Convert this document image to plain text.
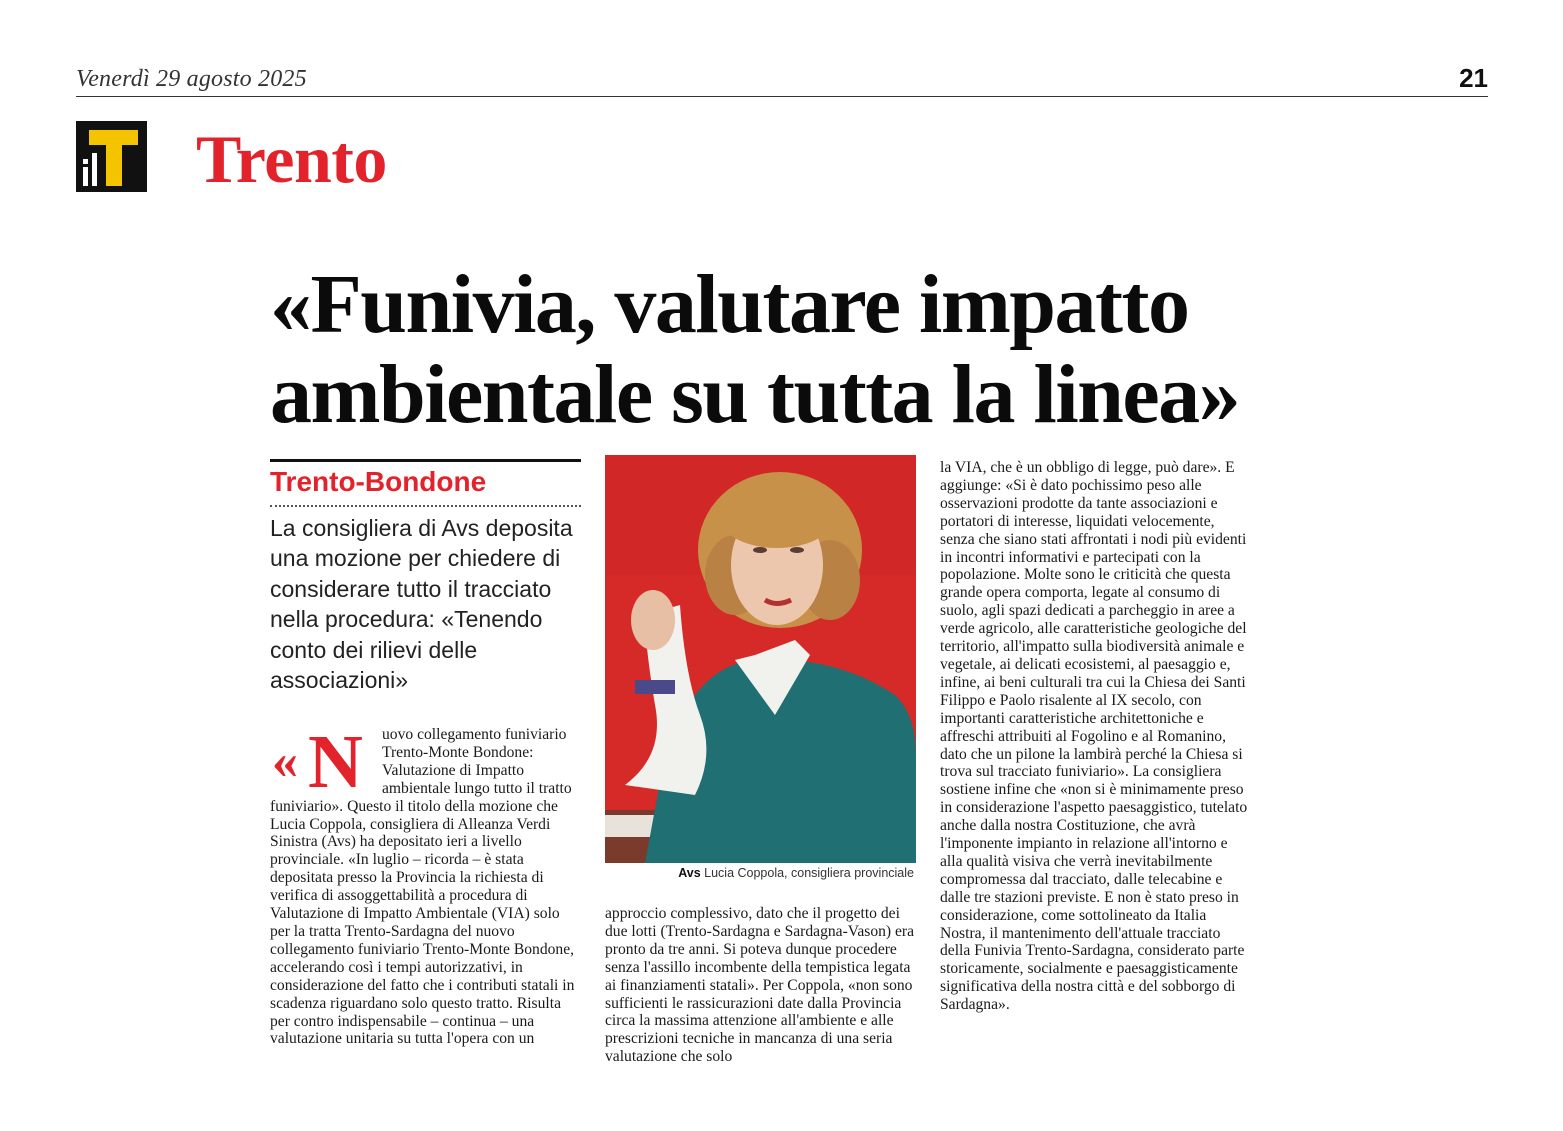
Venerdì 29 agosto 2025	21
Trento
«Funivia, valutare impatto ambientale su tutta la linea»
Trento-Bondone
La consigliera di Avs deposita una mozione per chiedere di considerare tutto il tracciato nella procedura: «Tenendo conto dei rilievi delle associazioni»
« N	uovo collegamento funiviario Trento-Monte Bondone: Valutazione di Impatto ambientale lungo tutto il tratto funiviario». Questo il titolo della mozione che Lucia Coppola, consigliera di Alleanza Verdi Sinistra (Avs) ha depositato ieri a livello provinciale. «In luglio – ricorda – è stata depositata presso la Provincia la richiesta di verifica di assoggettabilità a procedura di Valutazione di Impatto Ambientale (VIA) solo per la tratta Trento-Sardagna del nuovo collegamento funiviario Trento-Monte Bondone, accelerando così i tempi autorizzativi, in considerazione del fatto che i contributi statali in scadenza riguardano solo questo tratto. Risulta per contro indispensabile – continua – una valutazione unitaria su tutta l'opera con un

Avs Lucia Coppola, consigliera provinciale

approccio complessivo, dato che il progetto dei due lotti (Trento-Sardagna e Sardagna-Vason) era pronto da tre anni. Si poteva dunque procedere senza l'assillo incombente della tempistica legata ai finanziamenti statali». Per Coppola, «non sono sufficienti le rassicurazioni date dalla Provincia circa la massima attenzione all'ambiente e alle prescrizioni tecniche in mancanza di una seria valutazione che solo

la VIA, che è un obbligo di legge, può dare». E aggiunge: «Si è dato pochissimo peso alle osservazioni prodotte da tante associazioni e portatori di interesse, liquidati velocemente, senza che siano stati affrontati i nodi più evidenti in incontri informativi e partecipati con la popolazione. Molte sono le criticità che questa grande opera comporta, legate al consumo di suolo, agli spazi dedicati a parcheggio in aree a verde agricolo, alle caratteristiche geologiche del territorio, all'impatto sulla biodiversità animale e vegetale, ai delicati ecosistemi, al paesaggio e, infine, ai beni culturali tra cui la Chiesa dei Santi Filippo e Paolo risalente al IX secolo, con importanti caratteristiche architettoniche e affreschi attribuiti al Fogolino e al Romanino, dato che un pilone la lambirà perché la Chiesa si trova sul tracciato funiviario». La consigliera sostiene infine che «non si è minimamente preso in considerazione l'aspetto paesaggistico, tutelato anche dalla nostra Costituzione, che avrà l'imponente impianto in relazione all'intorno e alla qualità visiva che verrà inevitabilmente compromessa dal tracciato, dalle telecabine e dalle tre stazioni previste. E non è stato preso in considerazione, come sottolineato da Italia Nostra, il mantenimento dell'attuale tracciato della Funivia Trento-Sardagna, considerato parte storicamente, socialmente e paesaggisticamente significativa della nostra città e del sobborgo di Sardagna».
